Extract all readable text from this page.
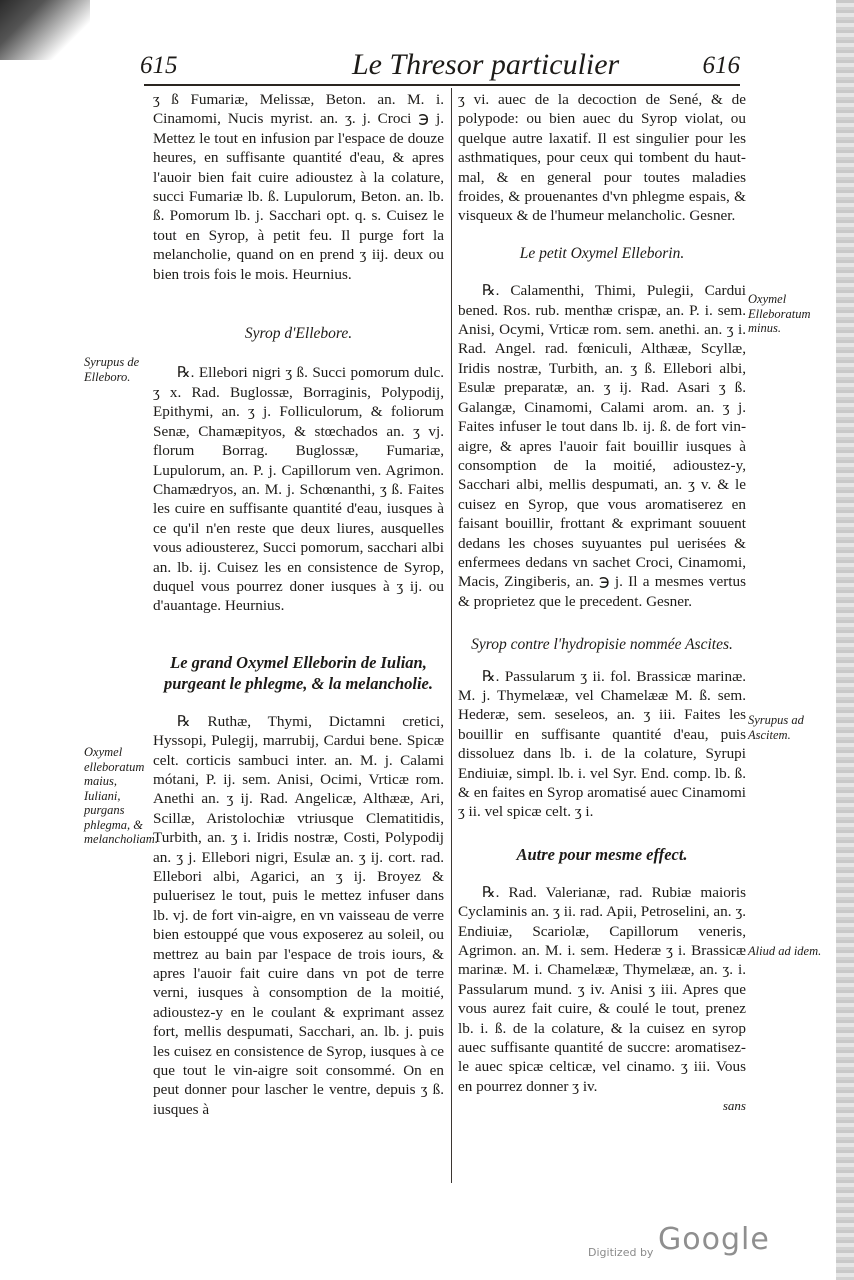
615	Le Thresor particulier	616

ʒ ß Fumariæ, Melissæ, Beton. an. M. i. Cinamomi, Nucis myrist. an. ʒ. j. Croci ℈ j. Mettez le tout en infusion par l'espace de douze heures, en suffisante quantité d'eau, & apres l'auoir bien fait cuire adioustez à la colature, succi Fumariæ lb. ß. Lupulorum, Beton. an. lb. ß. Pomorum lb. j. Sacchari opt. q. s. Cuisez le tout en Syrop, à petit feu. Il purge fort la melancholie, quand on en prend ʒ iij. deux ou bien trois fois le mois. Heurnius.

Syrop d'Ellebore.

℞. Ellebori nigri ʒ ß. Succi pomorum dulc. ʒ x. Rad. Buglossæ, Borraginis, Polypodij, Epithymi, an. ʒ j. Folliculorum, & foliorum Senæ, Chamæpityos, & stœchados an. ʒ vj. florum Borrag. Buglossæ, Fumariæ, Lupulorum, an. P. j. Capillorum ven. Agrimon. Chamædryos, an. M. j. Schœnanthi, ʒ ß. Faites les cuire en suffisante quantité d'eau, iusques à ce qu'il n'en reste que deux liures, ausquelles vous adiousterez, Succi pomorum, sacchari albi an. lb. ij. Cuisez les en consistence de Syrop, duquel vous pourrez doner iusques à ʒ ij. ou d'auantage. Heurnius.

Le grand Oxymel Elleborin de Iulian, purgeant le phlegme, & la melancholie.

℞ Ruthæ, Thymi, Dictamni cretici, Hyssopi, Pulegij, marrubij, Cardui bene. Spicæ celt. corticis sambuci inter. an. M. j. Calami mótani, P. ij. sem. Anisi, Ocimi, Vrticæ rom. Anethi an. ʒ ij. Rad. Angelicæ, Althææ, Ari, Scillæ, Aristolochiæ vtriusque Clematitidis, Turbith, an. ʒ i. Iridis nostræ, Costi, Polypodij an. ʒ j. Ellebori nigri, Esulæ an. ʒ ij. cort. rad. Ellebori albi, Agarici, an ʒ ij. Broyez & puluerisez le tout, puis le mettez infuser dans lb. vj. de fort vin-aigre, en vn vaisseau de verre bien estouppé que vous exposerez au soleil, ou mettrez au bain par l'espace de trois iours, & apres l'auoir fait cuire dans vn pot de terre verni, iusques à consomption de la moitié, adioustez-y en le coulant & exprimant assez fort, mellis despumati, Sacchari, an. lb. j. puis les cuisez en consistence de Syrop, iusques à ce que tout le vin-aigre soit consommé. On en peut donner pour lascher le ventre, depuis ʒ ß. iusques à

ʒ vi. auec de la decoction de Sené, & de polypode: ou bien auec du Syrop violat, ou quelque autre laxatif. Il est singulier pour les asthmatiques, pour ceux qui tombent du haut-mal, & en general pour toutes maladies froides, & prouenantes d'vn phlegme espais, & visqueux & de l'humeur melancholic. Gesner.

Le petit Oxymel Elleborin.

℞. Calamenthi, Thimi, Pulegii, Cardui bened. Ros. rub. menthæ crispæ, an. P. i. sem. Anisi, Ocymi, Vrticæ rom. sem. anethi. an. ʒ i. Rad. Angel. rad. fœniculi, Althææ, Scyllæ, Iridis nostræ, Turbith, an. ʒ ß. Ellebori albi, Esulæ preparatæ, an. ʒ ij. Rad. Asari ʒ ß. Galangæ, Cinamomi, Calami arom. an. ʒ j. Faites infuser le tout dans lb. ij. ß. de fort vin-aigre, & apres l'auoir fait bouillir iusques à consomption de la moitié, adioustez-y, Sacchari albi, mellis despumati, an. ʒ v. & le cuisez en Syrop, que vous aromatiserez en faisant bouillir, frottant & exprimant souuent dedans les choses suyuantes pul uerisées & enfermees dedans vn sachet Croci, Cinamomi, Macis, Zingiberis, an. ℈ j. Il a mesmes vertus & proprietez que le precedent. Gesner.

Syrop contre l'hydropisie nommée Ascites.

℞. Passularum ʒ ii. fol. Brassicæ marinæ. M. j. Thymelææ, vel Chamelææ M. ß. sem. Hederæ, sem. seseleos, an. ʒ iii. Faites les bouillir en suffisante quantité d'eau, puis dissoluez dans lb. i. de la colature, Syrupi Endiuiæ, simpl. lb. i. vel Syr. End. comp. lb. ß. & en faites en Syrop aromatisé auec Cinamomi ʒ ii. vel spicæ celt. ʒ i.

Autre pour mesme effect.

℞. Rad. Valerianæ, rad. Rubiæ maioris Cyclaminis an. ʒ ii. rad. Apii, Petroselini, an. ʒ. Endiuiæ, Scariolæ, Capillorum veneris, Agrimon. an. M. i. sem. Hederæ ʒ i. Brassicæ marinæ. M. i. Chamelææ, Thymelææ, an. ʒ. i. Passularum mund. ʒ iv. Anisi ʒ iii. Apres que vous aurez fait cuire, & coulé le tout, prenez lb. i. ß. de la colature, & la cuisez en syrop auec suffisante quantité de succre: aromatisez-le auec spicæ celticæ, vel cinamo. ʒ iii. Vous en pourrez donner ʒ iv.

sans
Syrupus de Elleboro.
Oxymel elleboratum maius, Iuliani, purgans phlegma, & melancholiam.
Oxymel Elleboratum minus.
Syrupus ad Ascitem.
Aliud ad idem.
Digitized by Google
